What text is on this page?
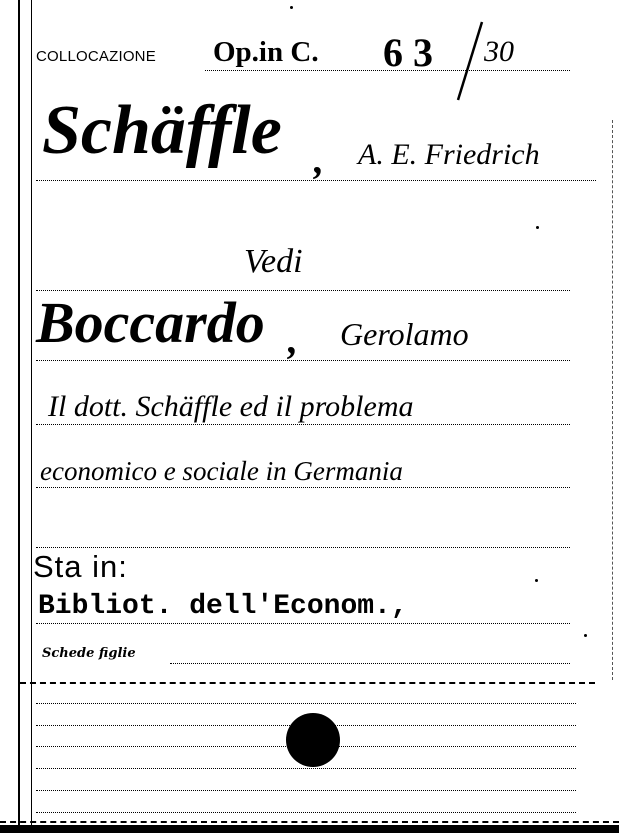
COLLOCAZIONE Op.in C. 6 3 30
Schäffle , A. E. Friedrich
Vedi
Boccardo , Gerolamo
Il dott. Schäffle ed il problema
economico e sociale in Germania
Sta in:
Bibliot. dell'Econom.,
Schede figlie
